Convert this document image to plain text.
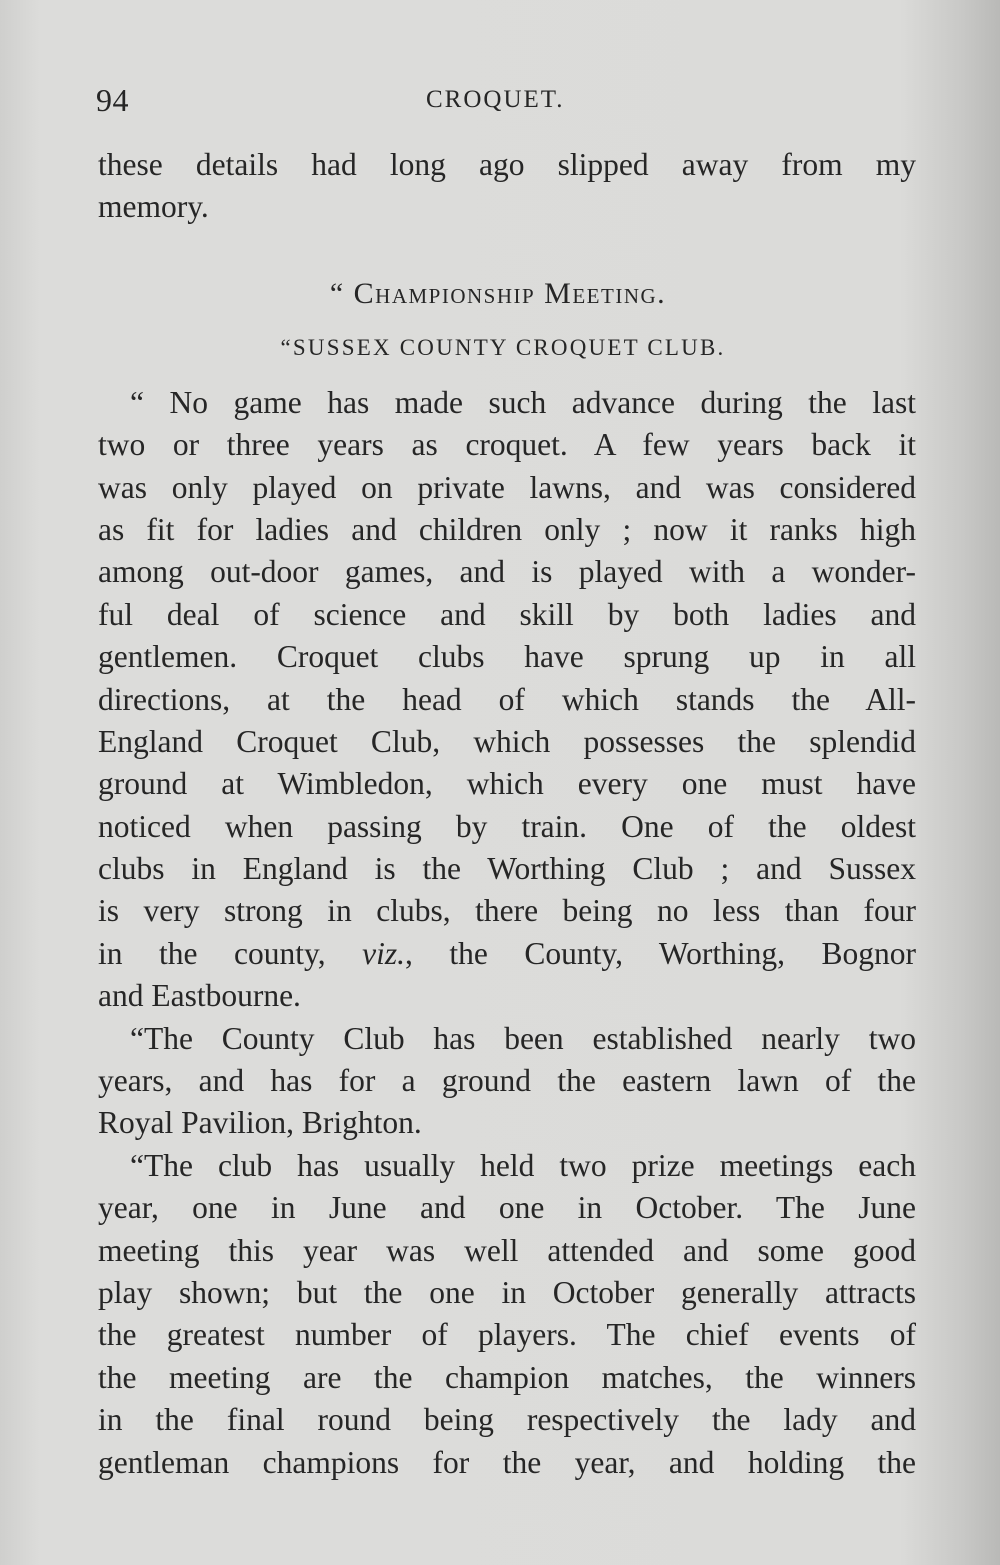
94	CROQUET.
these details had long ago slipped away from my
memory.
“ Championship Meeting.
“SUSSEX COUNTY CROQUET CLUB.
“ No game has made such advance during the last
two or three years as croquet. A few years back it
was only played on private lawns, and was considered
as fit for ladies and children only ; now it ranks high
among out-door games, and is played with a wonder-
ful deal of science and skill by both ladies and
gentlemen. Croquet clubs have sprung up in all
directions, at the head of which stands the All-
England Croquet Club, which possesses the splendid
ground at Wimbledon, which every one must have
noticed when passing by train. One of the oldest
clubs in England is the Worthing Club ; and Sussex
is very strong in clubs, there being no less than four
in the county, viz., the County, Worthing, Bognor
and Eastbourne.
“The County Club has been established nearly two
years, and has for a ground the eastern lawn of the
Royal Pavilion, Brighton.
“The club has usually held two prize meetings each
year, one in June and one in October. The June
meeting this year was well attended and some good
play shown; but the one in October generally attracts
the greatest number of players. The chief events of
the meeting are the champion matches, the winners
in the final round being respectively the lady and
gentleman champions for the year, and holding the
